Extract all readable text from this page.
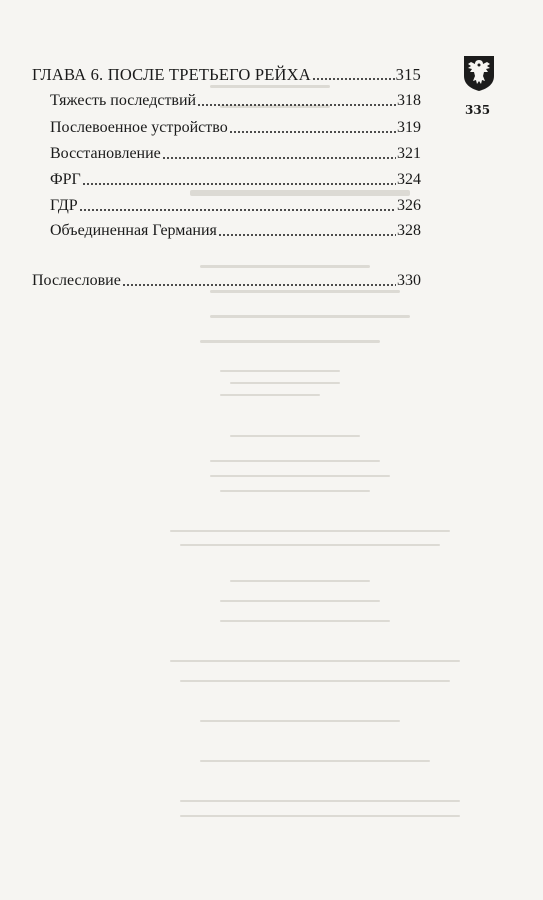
ГЛАВА 6. ПОСЛЕ ТРЕТЬЕГО РЕЙХА	315
Тяжесть последствий	318
Послевоенное устройство	319
Восстановление	321
ФРГ	324
ГДР	326
Объединенная Германия	328
Послесловие	330
335
